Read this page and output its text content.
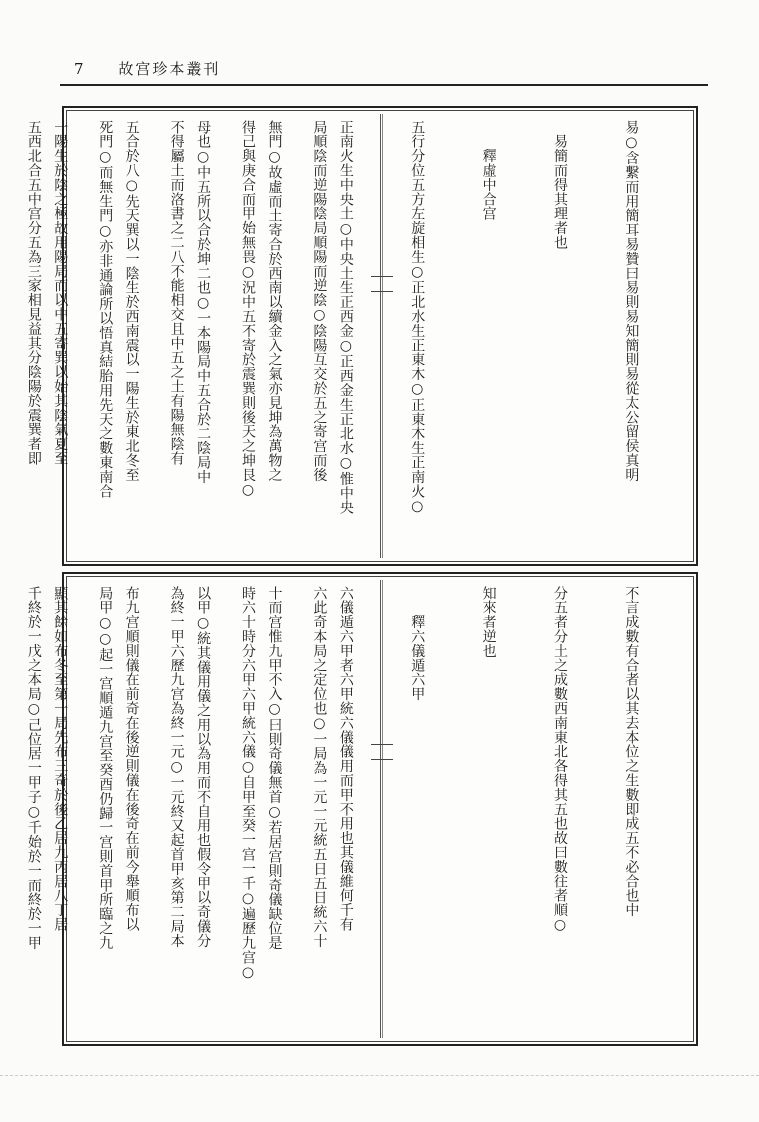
7 故宫珍本叢刊

易○含繫而用簡耳易贊曰易則易知簡則易從太公留侯真明

　易簡而得其理者也

　　釋虛中合宫

五行分位五方左旋相生○正北水生正東木○正東木生正南火○

正南火生中央土○中央土生正西金○正西金生正北水○惟中央

無門○故虛而土寄合於西南以續金入之氣亦見坤為萬物之

母也○中五所以合於坤二也○一本陽局中五合於二陰局中

五合於八○先天巽以一陰生於西南震以一陽生於東北冬至

一陽生於陰之極故用陽局而以中五寄巽以始其陰氣夏至

	局順陰而逆陽陰局順陽而逆陰○陰陽互交於五之寄宫而後

得己與庚合而甲始無畏○況中五不寄於震巽則後天之坤艮○

不得屬土而洛書之二八不能相交且中五之土有陽無陰有

死門○而無生門○亦非通論所以悟真結胎用先天之數東南合

五西北合五中宫分五為三家相見益其分陰陽於震巽者即

不言成數有合者以其去本位之生數即成五不必合也中

分五者分土之成數西南東北各得其五也故曰數往者順○

知來者逆也

　　釋六儀遁六甲

六儀遁六甲者六甲統六儀儀用而甲不用也其儀維何千有

十而宫惟九甲不入○曰則奇儀無首○若居宫則奇儀缺位是

以甲○統其儀用儀之用以為用而不自用也假令甲以奇儀分

布九宫順則儀在前奇在後逆則儀在後奇在前今舉順布以

顯其餘如布冬至第一局先布三奇於後乙居九丙居八丁居

	六此奇本局之定位也○一局為一元一元統五日五日統六十

時六十時分六甲六甲統六儀○自甲至癸一宫一千○遍歷九宫○

為終一甲六歷九宫為終一元○一元終又起首甲亥第二局本

局甲○○起一宫順遁九宫至癸酉仍歸一宫則首甲所臨之九

千終於一戊之本局○己位居一甲子○千始於一而終於一甲
